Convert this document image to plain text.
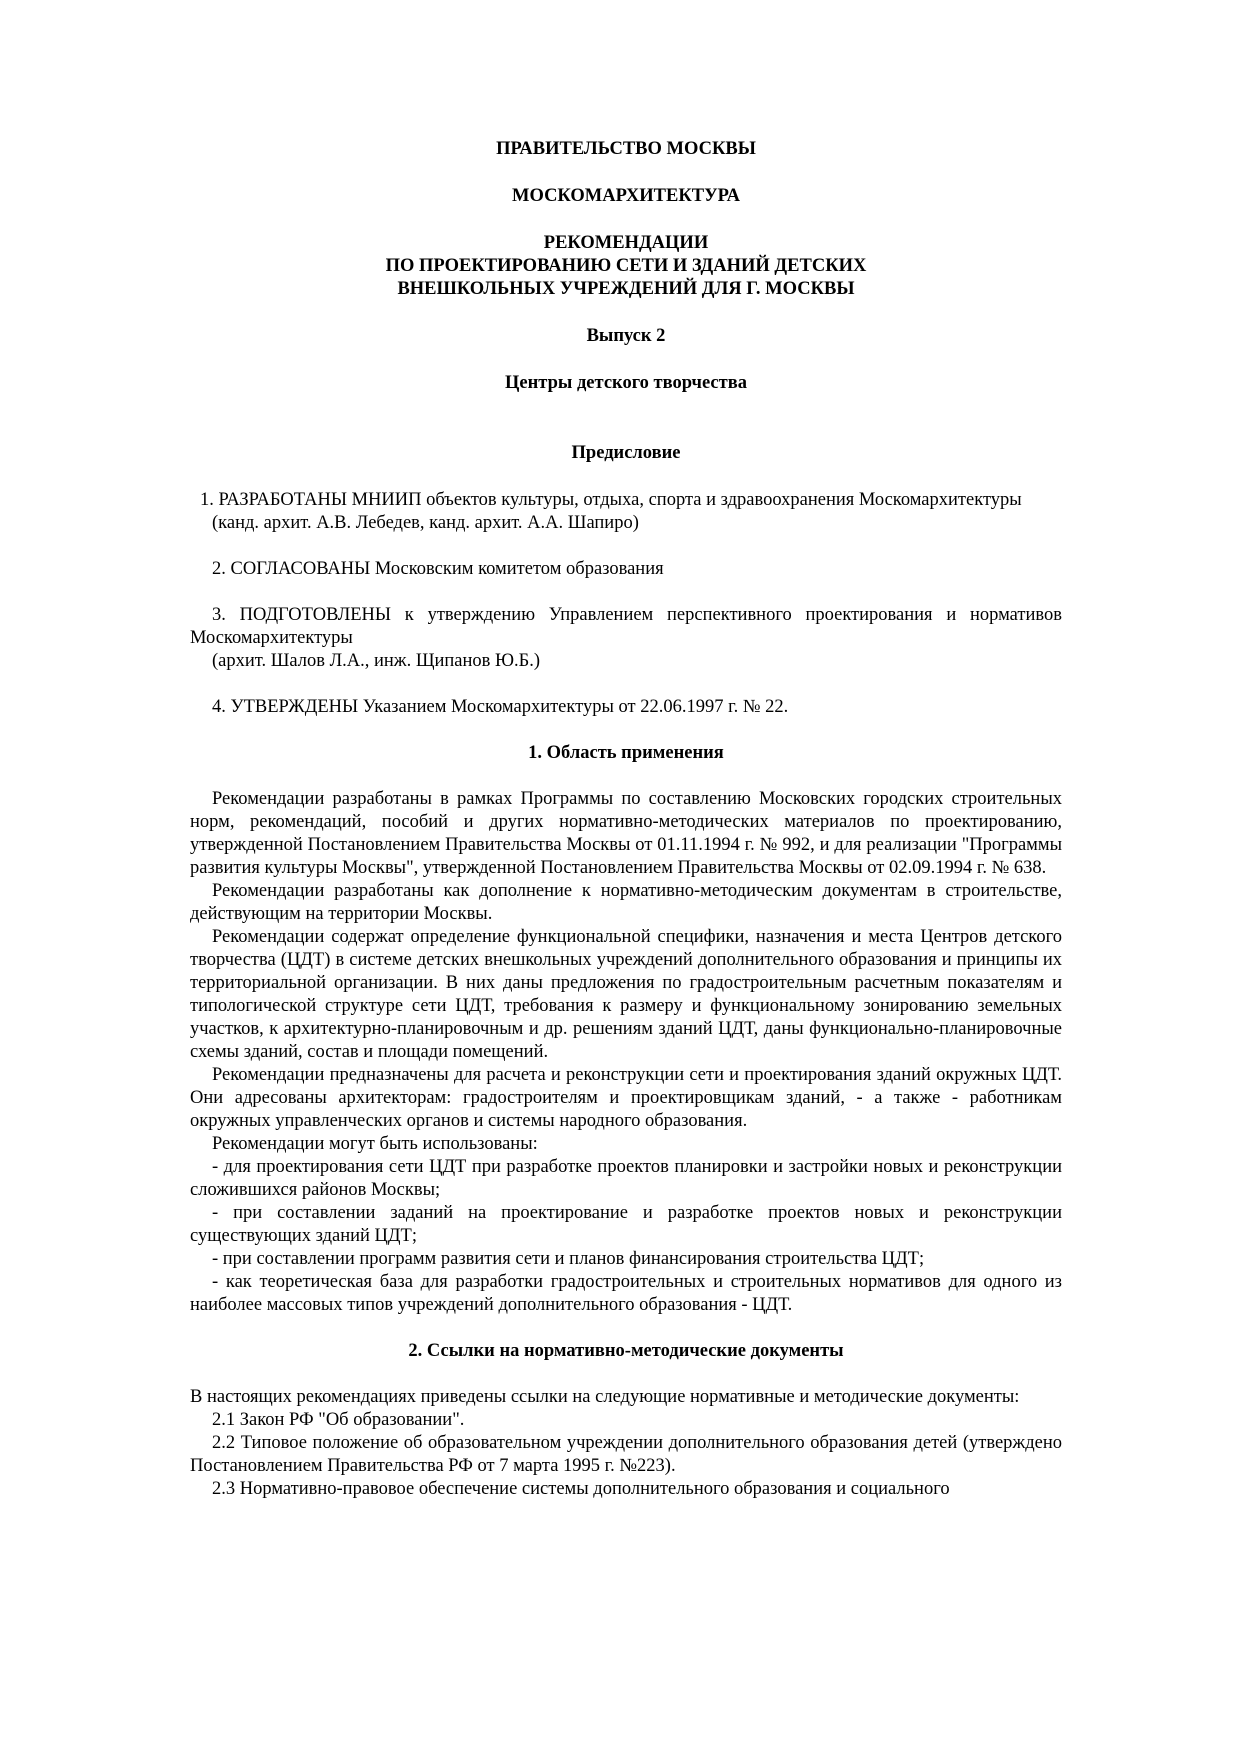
ПРАВИТЕЛЬСТВО МОСКВЫ

МОСКОМАРХИТЕКТУРА

РЕКОМЕНДАЦИИ

ПО ПРОЕКТИРОВАНИЮ СЕТИ И ЗДАНИЙ ДЕТСКИХ

ВНЕШКОЛЬНЫХ УЧРЕЖДЕНИЙ ДЛЯ Г. МОСКВЫ

Выпуск 2

Центры детского творчества

Предисловие

1. РАЗРАБОТАНЫ МНИИП объектов культуры, отдыха, спорта и здравоохранения Москомархитектуры

(канд. архит. А.В. Лебедев, канд. архит. А.А. Шапиро)

2. СОГЛАСОВАНЫ Московским комитетом образования

3. ПОДГОТОВЛЕНЫ к утверждению Управлением перспективного проектирования и нормативов Москомархитектуры

(архит. Шалов Л.А., инж. Щипанов Ю.Б.)

4. УТВЕРЖДЕНЫ Указанием Москомархитектуры от 22.06.1997 г. № 22.

1. Область применения

Рекомендации разработаны в рамках Программы по составлению Московских городских строительных норм, рекомендаций, пособий и других нормативно-методических материалов по проектированию, утвержденной Постановлением Правительства Москвы от 01.11.1994 г. № 992, и для реализации "Программы развития культуры Москвы", утвержденной Постановлением Правительства Москвы от 02.09.1994 г. № 638.

Рекомендации разработаны как дополнение к нормативно-методическим документам в строительстве, действующим на территории Москвы.

Рекомендации содержат определение функциональной специфики, назначения и места Центров детского творчества (ЦДТ) в системе детских внешкольных учреждений дополнительного образования и принципы их территориальной организации. В них даны предложения по градостроительным расчетным показателям и типологической структуре сети ЦДТ, требования к размеру и функциональному зонированию земельных участков, к архитектурно-планировочным и др. решениям зданий ЦДТ, даны функционально-планировочные схемы зданий, состав и площади помещений.

Рекомендации предназначены для расчета и реконструкции сети и проектирования зданий окружных ЦДТ. Они адресованы архитекторам: градостроителям и проектировщикам зданий, - а также - работникам окружных управленческих органов и системы народного образования.

Рекомендации могут быть использованы:

- для проектирования сети ЦДТ при разработке проектов планировки и застройки новых и реконструкции сложившихся районов Москвы;

- при составлении заданий на проектирование и разработке проектов новых и реконструкции существующих зданий ЦДТ;

- при составлении программ развития сети и планов финансирования строительства ЦДТ;

- как теоретическая база для разработки градостроительных и строительных нормативов для одного из наиболее массовых типов учреждений дополнительного образования - ЦДТ.

2. Ссылки на нормативно-методические документы

В настоящих рекомендациях приведены ссылки на следующие нормативные и методические документы:

2.1 Закон РФ "Об образовании".

2.2 Типовое положение об образовательном учреждении дополнительного образования детей (утверждено Постановлением Правительства РФ от 7 марта 1995 г. №223).

2.3 Нормативно-правовое обеспечение системы дополнительного образования и социального
